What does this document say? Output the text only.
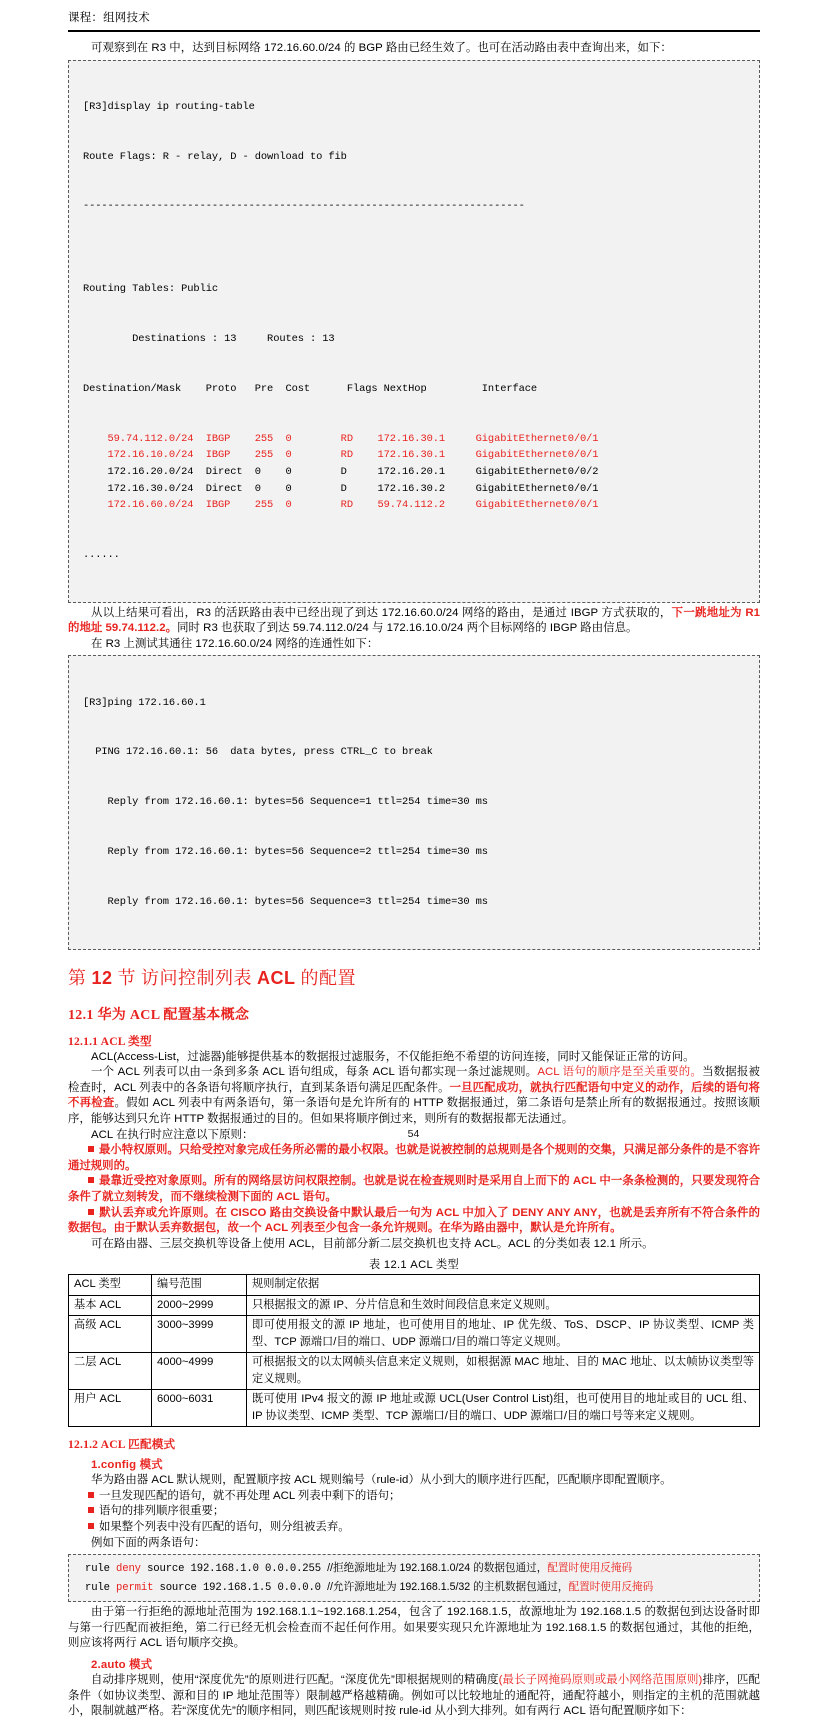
课程：组网技术

可观察到在 R3 中，达到目标网络 172.16.60.0/24 的 BGP 路由已经生效了。也可在活动路由表中查询出来，如下：

[R3]display ip routing-table

Route Flags: R - relay, D - download to fib

------------------------------------------------------------------------

Routing Tables: Public

Destinations : 13     Routes : 13

Destination/Mask    Proto   Pre  Cost      Flags NextHop         Interface

59.74.112.0/24  IBGP    255  0        RD    172.16.30.1     GigabitEthernet0/0/1
172.16.10.0/24  IBGP    255  0        RD    172.16.30.1     GigabitEthernet0/0/1
172.16.20.0/24  Direct  0    0        D     172.16.20.1     GigabitEthernet0/0/2
172.16.30.0/24  Direct  0    0        D     172.16.30.2     GigabitEthernet0/0/1
172.16.60.0/24  IBGP    255  0        RD    59.74.112.2     GigabitEthernet0/0/1

......

从以上结果可看出，R3 的活跃路由表中已经出现了到达 172.16.60.0/24 网络的路由，是通过 IBGP 方式获取的，下一跳地址为 R1 的地址 59.74.112.2。同时 R3 也获取了到达 59.74.112.0/24 与 172.16.10.0/24 两个目标网络的 IBGP 路由信息。

在 R3 上测试其通往 172.16.60.0/24 网络的连通性如下：

[R3]ping 172.16.60.1

PING 172.16.60.1: 56  data bytes, press CTRL_C to break

Reply from 172.16.60.1: bytes=56 Sequence=1 ttl=254 time=30 ms

Reply from 172.16.60.1: bytes=56 Sequence=2 ttl=254 time=30 ms

Reply from 172.16.60.1: bytes=56 Sequence=3 ttl=254 time=30 ms

第 12 节 访问控制列表 ACL 的配置
12.1 华为 ACL 配置基本概念
12.1.1 ACL 类型

ACL(Access-List，过滤器)能够提供基本的数据报过滤服务，不仅能拒绝不希望的访问连接，同时又能保证正常的访问。

一个 ACL 列表可以由一条到多条 ACL 语句组成，每条 ACL 语句都实现一条过滤规则。ACL 语句的顺序是至关重要的。当数据报被检查时，ACL 列表中的各条语句将顺序执行，直到某条语句满足匹配条件。一旦匹配成功，就执行匹配语句中定义的动作，后续的语句将不再检查。假如 ACL 列表中有两条语句，第一条语句是允许所有的 HTTP 数据报通过，第二条语句是禁止所有的数据报通过。按照该顺序，能够达到只允许 HTTP 数据报通过的目的。但如果将顺序倒过来，则所有的数据报都无法通过。

ACL 在执行时应注意以下原则：

最小特权原则。只给受控对象完成任务所必需的最小权限。也就是说被控制的总规则是各个规则的交集，只满足部分条件的是不容许通过规则的。

最靠近受控对象原则。所有的网络层访问权限控制。也就是说在检查规则时是采用自上而下的 ACL 中一条条检测的，只要发现符合条件了就立刻转发，而不继续检测下面的 ACL 语句。

默认丢弃或允许原则。在 CISCO 路由交换设备中默认最后一句为 ACL 中加入了 DENY ANY ANY，也就是丢弃所有不符合条件的数据包。由于默认丢弃数据包，故一个 ACL 列表至少包含一条允许规则。在华为路由器中，默认是允许所有。

可在路由器、三层交换机等设备上使用 ACL，目前部分新二层交换机也支持 ACL。ACL 的分类如表 12.1 所示。

表 12.1 ACL 类型
ACL 类型	编号范围	规则制定依据
基本 ACL	2000~2999	只根据报文的源 IP、分片信息和生效时间段信息来定义规则。
高级 ACL	3000~3999	即可使用报文的源 IP 地址，也可使用目的地址、IP 优先级、ToS、DSCP、IP 协议类型、ICMP 类型、TCP 源端口/目的端口、UDP 源端口/目的端口等定义规则。
二层 ACL	4000~4999	可根据报文的以太网帧头信息来定义规则，如根据源 MAC 地址、目的 MAC 地址、以太帧协议类型等定义规则。
用户 ACL	6000~6031	既可使用 IPv4 报文的源 IP 地址或源 UCL(User Control List)组，也可使用目的地址或目的 UCL 组、IP 协议类型、ICMP 类型、TCP 源端口/目的端口、UDP 源端口/目的端口号等来定义规则。
12.1.2 ACL 匹配模式
1.config 模式

华为路由器 ACL 默认规则，配置顺序按 ACL 规则编号（rule-id）从小到大的顺序进行匹配，匹配顺序即配置顺序。

一旦发现匹配的语句，就不再处理 ACL 列表中剩下的语句；

语句的排列顺序很重要；

如果整个列表中没有匹配的语句，则分组被丢弃。

例如下面的两条语句：

rule deny source 192.168.1.0 0.0.0.255 //拒绝源地址为 192.168.1.0/24 的数据包通过，配置时使用反掩码
rule permit source 192.168.1.5 0.0.0.0 //允许源地址为 192.168.1.5/32 的主机数据包通过，配置时使用反掩码

由于第一行拒绝的源地址范围为 192.168.1.1~192.168.1.254，包含了 192.168.1.5，故源地址为 192.168.1.5 的数据包到达设备时即与第一行匹配而被拒绝，第二行已经无机会检查而不起任何作用。如果要实现只允许源地址为 192.168.1.5 的数据包通过，其他的拒绝，则应该将两行 ACL 语句顺序交换。

2.auto 模式

自动排序规则，使用“深度优先”的原则进行匹配。“深度优先”即根据规则的精确度(最长子网掩码原则或最小网络范围原则)排序，匹配条件（如协议类型、源和目的 IP 地址范围等）限制越严格越精确。例如可以比较地址的通配符，通配符越小，则指定的主机的范围就越小，限制就越严格。若“深度优先”的顺序相同，则匹配该规则时按 rule-id 从小到大排列。如有两行 ACL 语句配置顺序如下：

54
